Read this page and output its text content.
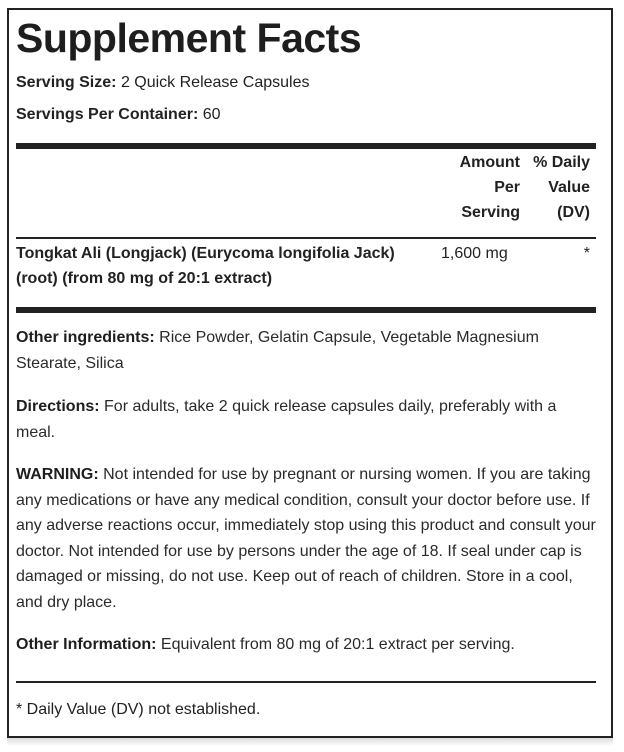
Supplement Facts
Serving Size: 2 Quick Release Capsules
Servings Per Container: 60
Amount
Per
Serving
% Daily
Value
(DV)
Tongkat Ali (Longjack) (Eurycoma longifolia Jack)
(root) (from 80 mg of 20:1 extract)
1,600 mg	*

Other ingredients: Rice Powder, Gelatin Capsule, Vegetable Magnesium Stearate, Silica

Directions: For adults, take 2 quick release capsules daily, preferably with a meal.

WARNING: Not intended for use by pregnant or nursing women. If you are taking any medications or have any medical condition, consult your doctor before use. If any adverse reactions occur, immediately stop using this product and consult your doctor. Not intended for use by persons under the age of 18. If seal under cap is damaged or missing, do not use. Keep out of reach of children. Store in a cool, and dry place.

Other Information: Equivalent from 80 mg of 20:1 extract per serving.

* Daily Value (DV) not established.
